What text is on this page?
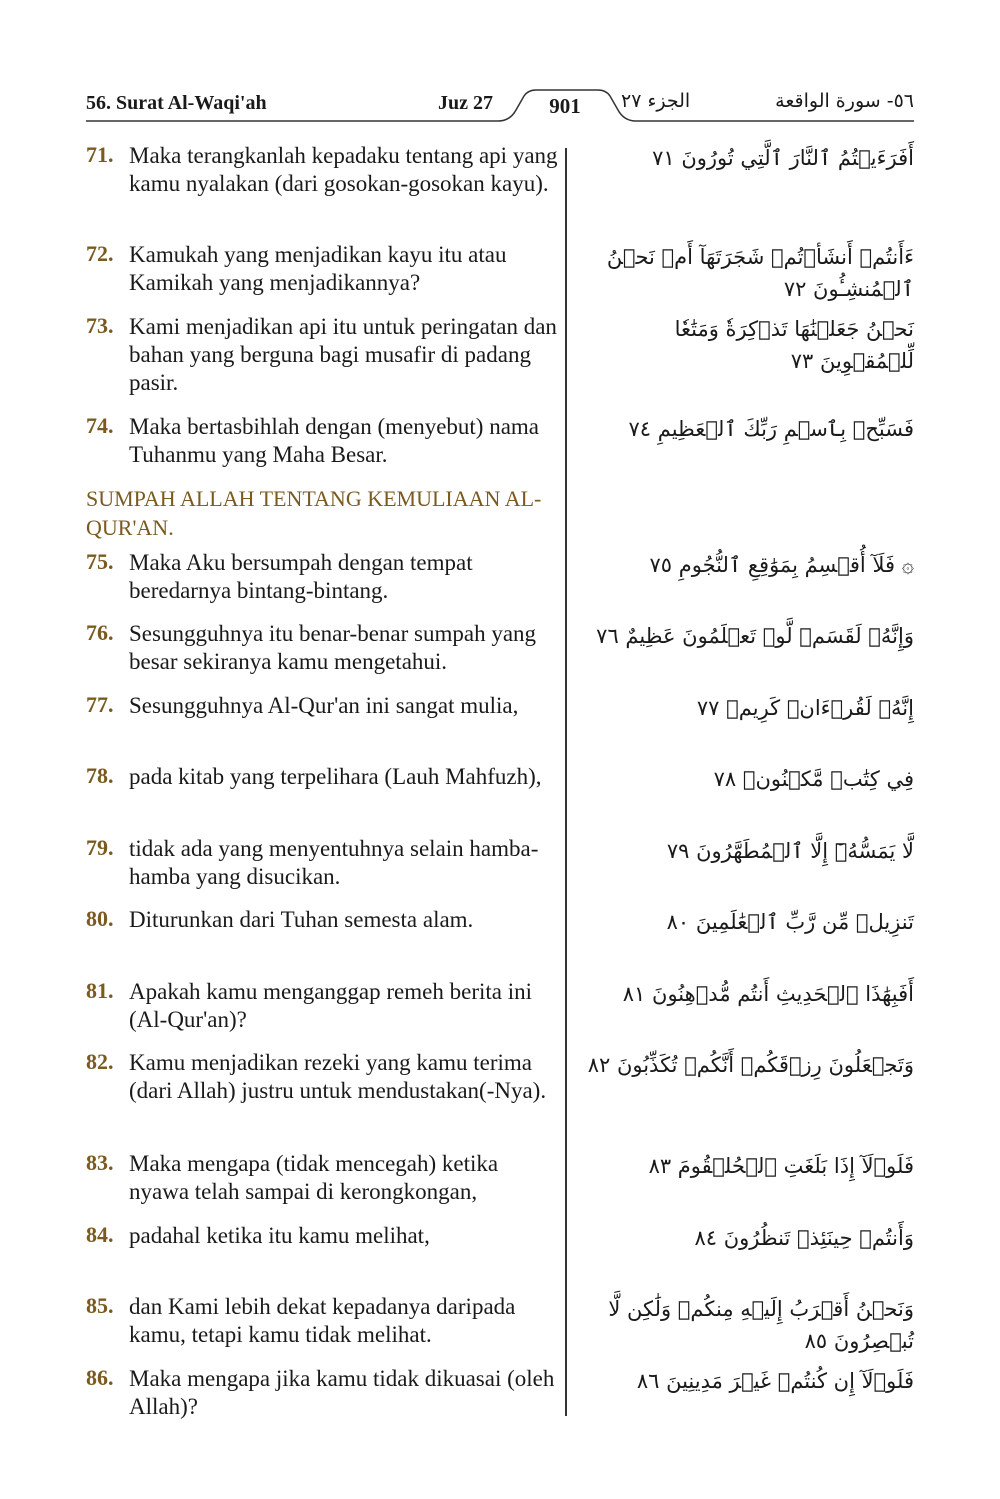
56. Surat Al-Waqi'ah	Juz 27	901	الجزء ٢٧	٥٦- سورة الواقعة
71. Maka terangkanlah kepadaku tentang api yang kamu nyalakan (dari gosokan-gosokan kayu).
أَفَرَءَيۡتُمُ ٱلنَّارَ ٱلَّتِي تُورُونَ ٧١
72. Kamukah yang menjadikan kayu itu atau Kamikah yang menjadikannya?
ءَأَنتُمۡ أَنشَأۡتُمۡ شَجَرَتَهَآ أَمۡ نَحۡنُ ٱلۡمُنشِـُٔونَ ٧٢
73. Kami menjadikan api itu untuk peringatan dan bahan yang berguna bagi musafir di padang pasir.
نَحۡنُ جَعَلۡنَٰهَا تَذۡكِرَةٗ وَمَتَٰعٗا لِّلۡمُقۡوِينَ ٧٣
74. Maka bertasbihlah dengan (menyebut) nama Tuhanmu yang Maha Besar.
فَسَبِّحۡ بِٱسۡمِ رَبِّكَ ٱلۡعَظِيمِ ٧٤
SUMPAH ALLAH TENTANG KEMULIAAN AL-QUR'AN.
75. Maka Aku bersumpah dengan tempat beredarnya bintang-bintang.
۞ فَلَآ أُقۡسِمُ بِمَوَٰقِعِ ٱلنُّجُومِ ٧٥
76. Sesungguhnya itu benar-benar sumpah yang besar sekiranya kamu mengetahui.
وَإِنَّهُۥ لَقَسَمٞ لَّوۡ تَعۡلَمُونَ عَظِيمٌ ٧٦
77. Sesungguhnya Al-Qur'an ini sangat mulia,	إِنَّهُۥ لَقُرۡءَانٞ كَرِيمٞ ٧٧
78. pada kitab yang terpelihara (Lauh Mahfuzh),	فِي كِتَٰبٖ مَّكۡنُونٖ ٧٨
79. tidak ada yang menyentuhnya selain hamba-hamba yang disucikan.
لَّا يَمَسُّهُۥٓ إِلَّا ٱلۡمُطَهَّرُونَ ٧٩
80. Diturunkan dari Tuhan semesta alam.	تَنزِيلٞ مِّن رَّبِّ ٱلۡعَٰلَمِينَ ٨٠
81. Apakah kamu menganggap remeh berita ini (Al-Qur'an)?
أَفَبِهَٰذَا ٱلۡحَدِيثِ أَنتُم مُّدۡهِنُونَ ٨١
82. Kamu menjadikan rezeki yang kamu terima (dari Allah) justru untuk mendustakan(-Nya).
وَتَجۡعَلُونَ رِزۡقَكُمۡ أَنَّكُمۡ تُكَذِّبُونَ ٨٢
83. Maka mengapa (tidak mencegah) ketika nyawa telah sampai di kerongkongan,
فَلَوۡلَآ إِذَا بَلَغَتِ ٱلۡحُلۡقُومَ ٨٣
84. padahal ketika itu kamu melihat,	وَأَنتُمۡ حِينَئِذٖ تَنظُرُونَ ٨٤
85. dan Kami lebih dekat kepadanya daripada kamu, tetapi kamu tidak melihat.
وَنَحۡنُ أَقۡرَبُ إِلَيۡهِ مِنكُمۡ وَلَٰكِن لَّا تُبۡصِرُونَ ٨٥
86. Maka mengapa jika kamu tidak dikuasai (oleh Allah)?
فَلَوۡلَآ إِن كُنتُمۡ غَيۡرَ مَدِينِينَ ٨٦
